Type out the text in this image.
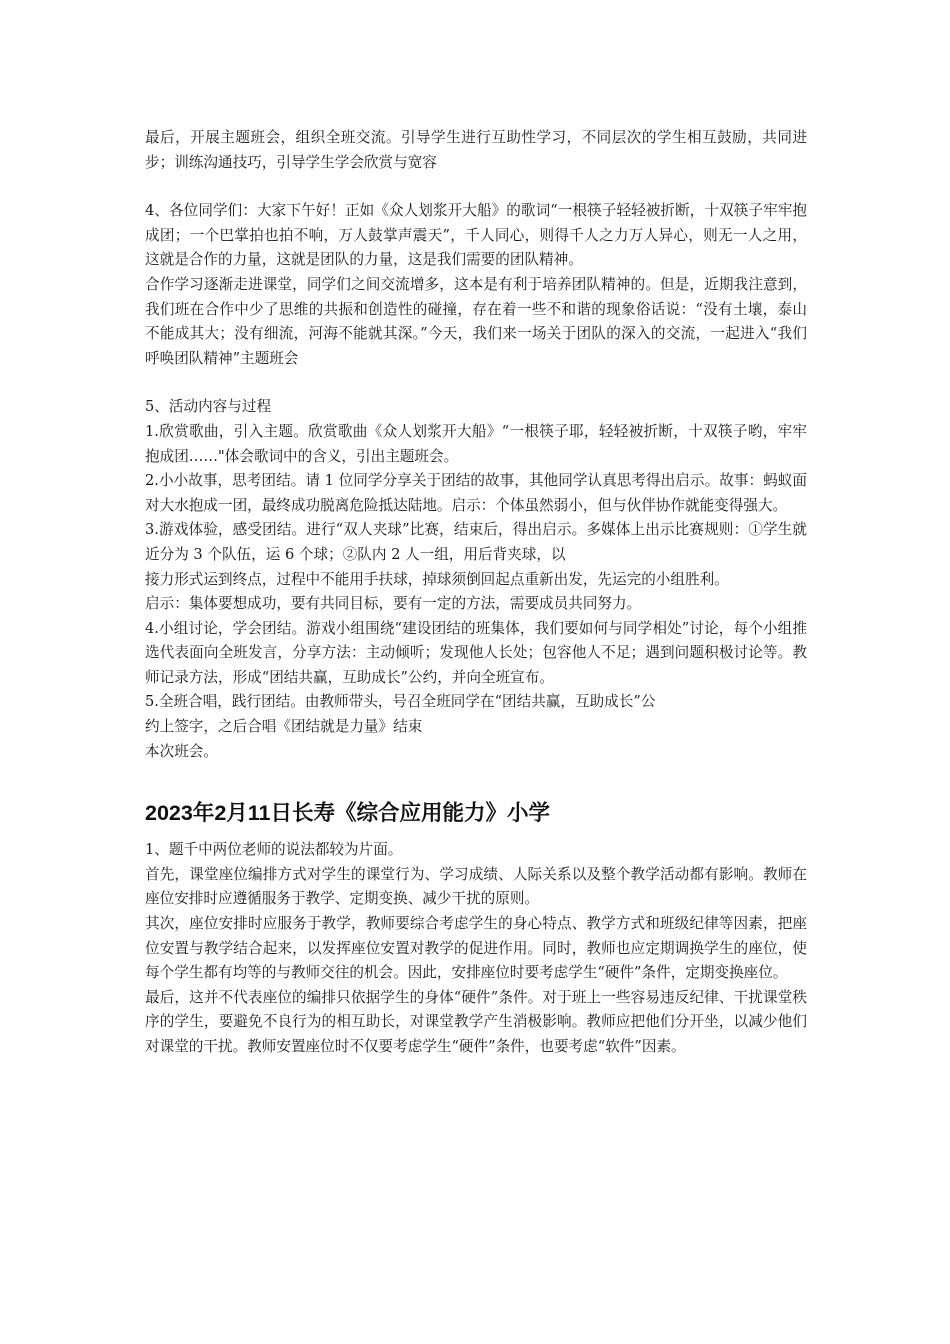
最后，开展主题班会，组织全班交流。引导学生进行互助性学习，不同层次的学生相互鼓励，共同进步；训练沟通技巧，引导学生学会欣赏与宽容

4、各位同学们：大家下午好！正如《众人划浆开大船》的歌词“一根筷子轻轻被折断，十双筷子牢牢抱成团；一个巴掌拍也拍不响，万人鼓掌声震天”，千人同心，则得千人之力万人异心，则无一人之用，这就是合作的力量，这就是团队的力量，这是我们需要的团队精神。

合作学习逐渐走进课堂，同学们之间交流增多，这本是有利于培养团队精神的。但是，近期我注意到，我们班在合作中少了思维的共振和创造性的碰撞，存在着一些不和谐的现象俗话说：“没有土壤，泰山不能成其大；没有细流，河海不能就其深。”今天，我们来一场关于团队的深入的交流，一起进入“我们呼唤团队精神”主题班会

5、活动内容与过程

1.欣赏歌曲，引入主题。欣赏歌曲《众人划浆开大船》“一根筷子耶，轻轻被折断，十双筷子哟，牢牢抱成团……"体会歌词中的含义，引出主题班会。

2.小小故事，思考团结。请 1 位同学分享关于团结的故事，其他同学认真思考得出启示。故事：蚂蚁面对大水抱成一团，最终成功脱离危险抵达陆地。启示：个体虽然弱小，但与伙伴协作就能变得强大。

3.游戏体验，感受团结。进行“双人夹球”比赛，结束后，得出启示。多媒体上出示比赛规则：①学生就近分为 3 个队伍，运 6 个球；②队内 2 人一组，用后背夹球，以

接力形式运到终点，过程中不能用手扶球，掉球须倒回起点重新出发，先运完的小组胜利。

启示：集体要想成功，要有共同目标，要有一定的方法，需要成员共同努力。

4.小组讨论，学会团结。游戏小组围绕“建设团结的班集体，我们要如何与同学相处”讨论，每个小组推选代表面向全班发言，分享方法：主动倾听；发现他人长处；包容他人不足；遇到问题积极讨论等。教师记录方法，形成“团结共赢，互助成长”公约，并向全班宣布。

5.全班合唱，践行团结。由教师带头，号召全班同学在“团结共赢，互助成长”公

约上签字，之后合唱《团结就是力量》结束

本次班会。

2023年2月11日长寿《综合应用能力》小学

1、题千中两位老师的说法都较为片面。

首先，课堂座位编排方式对学生的课堂行为、学习成绩、人际关系以及整个教学活动都有影响。教师在座位安排时应遵循服务于教学、定期变换、减少干扰的原则。

其次，座位安排时应服务于教学，教师要综合考虑学生的身心特点、教学方式和班级纪律等因素，把座位安置与教学结合起来，以发挥座位安置对教学的促进作用。同时，教师也应定期调换学生的座位，使每个学生都有均等的与教师交往的机会。因此，安排座位时要考虑学生“硬件”条件，定期变换座位。

最后，这并不代表座位的编排只依据学生的身体“硬件”条件。对于班上一些容易违反纪律、干扰课堂秩序的学生，要避免不良行为的相互助长，对课堂教学产生消极影响。教师应把他们分开坐，以减少他们对课堂的干扰。教师安置座位时不仅要考虑学生“硬件”条件，也要考虑“软件”因素。
